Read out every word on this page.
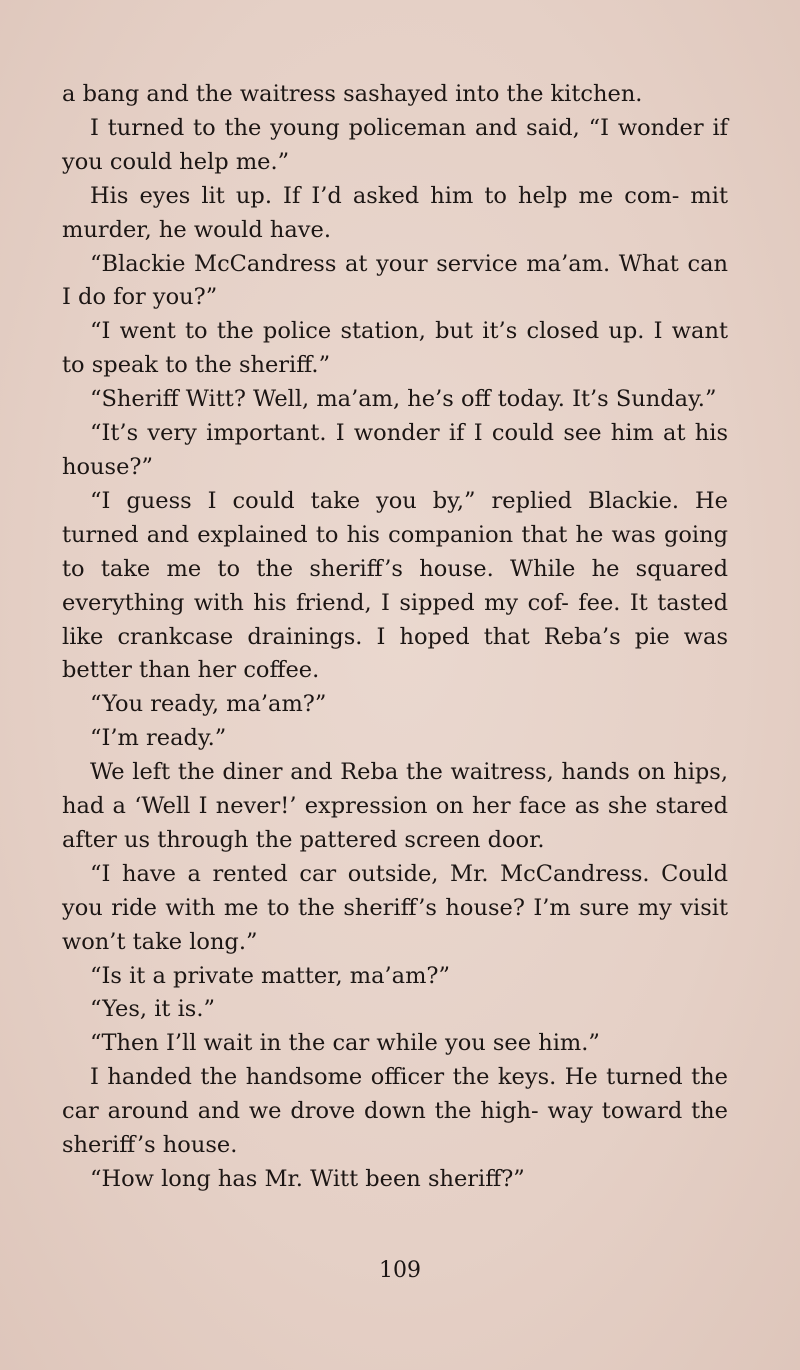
a bang and the waitress sashayed into the kitchen.

I turned to the young policeman and said, “I wonder if you could help me.”

His eyes lit up. If I’d asked him to help me com- mit murder, he would have.

“Blackie McCandress at your service ma’am. What can I do for you?”

“I went to the police station, but it’s closed up. I want to speak to the sheriff.”

“Sheriff Witt? Well, ma’am, he’s off today. It’s Sunday.”

“It’s very important. I wonder if I could see him at his house?”

“I guess I could take you by,” replied Blackie. He turned and explained to his companion that he was going to take me to the sheriff’s house. While he squared everything with his friend, I sipped my cof- fee. It tasted like crankcase drainings. I hoped that Reba’s pie was better than her coffee.

“You ready, ma’am?”

“I’m ready.”

We left the diner and Reba the waitress, hands on hips, had a ‘Well I never!’ expression on her face as she stared after us through the pattered screen door.

“I have a rented car outside, Mr. McCandress. Could you ride with me to the sheriff’s house? I’m sure my visit won’t take long.”

“Is it a private matter, ma’am?”

“Yes, it is.”

“Then I’ll wait in the car while you see him.”

I handed the handsome officer the keys. He turned the car around and we drove down the high- way toward the sheriff’s house.

“How long has Mr. Witt been sheriff?”

109
